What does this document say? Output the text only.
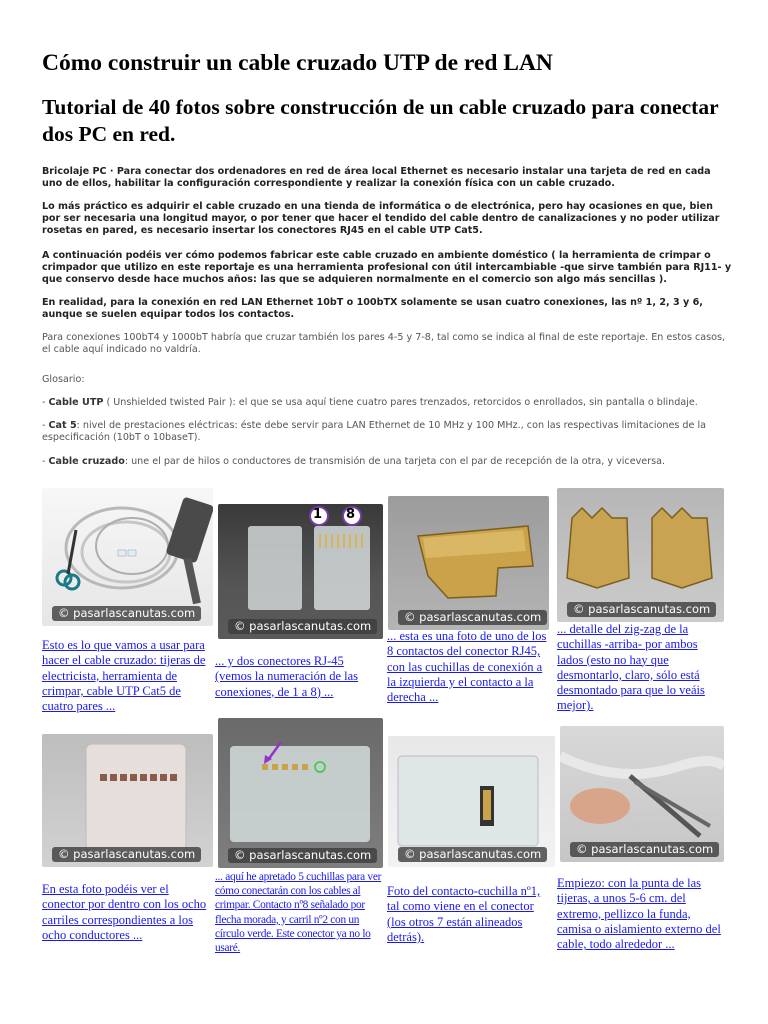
Cómo construir un cable cruzado UTP de red LAN
Tutorial de 40 fotos sobre construcción de un cable cruzado para conectar dos PC en red.

Bricolaje PC · Para conectar dos ordenadores en red de área local Ethernet es necesario instalar una tarjeta de red en cada uno de ellos, habilitar la configuración correspondiente y realizar la conexión física con un cable cruzado.

Lo más práctico es adquirir el cable cruzado en una tienda de informática o de electrónica, pero hay ocasiones en que, bien por ser necesaria una longitud mayor, o por tener que hacer el tendido del cable dentro de canalizaciones y no poder utilizar rosetas en pared, es necesario insertar los conectores RJ45 en el cable UTP Cat5.

A continuación podéis ver cómo podemos fabricar este cable cruzado en ambiente doméstico ( la herramienta de crimpar o crimpador que utilizo en este reportaje es una herramienta profesional con útil intercambiable -que sirve también para RJ11- y que conservo desde hace muchos años: las que se adquieren normalmente en el comercio son algo más sencillas ).

En realidad, para la conexión en red LAN Ethernet 10bT o 100bTX solamente se usan cuatro conexiones, las nº 1, 2, 3 y 6, aunque se suelen equipar todos los contactos.

Para conexiones 100bT4 y 1000bT habría que cruzar también los pares 4-5 y 7-8, tal como se indica al final de este reportaje. En estos casos, el cable aquí indicado no valdría.

Glosario:

- Cable UTP ( Unshielded twisted Pair ): el que se usa aquí tiene cuatro pares trenzados, retorcidos o enrollados, sin pantalla o blindaje.

- Cat 5: nivel de prestaciones eléctricas: éste debe servir para LAN Ethernet de 10 MHz y 100 MHz., con las respectivas limitaciones de la especificación (10bT o 10baseT).

- Cable cruzado: une el par de hilos o conductores de transmisión de una tarjeta con el par de recepción de la otra, y viceversa.

© pasarlascanutas.com
1 8
© pasarlascanutas.com
© pasarlascanutas.com
© pasarlascanutas.com

Esto es lo que vamos a usar para hacer el cable cruzado: tijeras de electricista, herramienta de crimpar, cable UTP Cat5 de cuatro pares ...

... y dos conectores RJ-45 (vemos la numeración de las conexiones, de 1 a 8) ...

... esta es una foto de uno de los 8 contactos del conector RJ45, con las cuchillas de conexión a la izquierda y el contacto a la derecha ...

... detalle del zig-zag de la cuchillas -arriba- por ambos lados (esto no hay que desmontarlo, claro, sólo está desmontado para que lo veáis mejor).

© pasarlascanutas.com	© pasarlascanutas.com	© pasarlascanutas.com	© pasarlascanutas.com

En esta foto podéis ver el conector por dentro con los ocho carriles correspondientes a los ocho conductores ...

... aquí he apretado 5 cuchillas para ver cómo conectarán con los cables al crimpar. Contacto nº8 señalado por flecha morada, y carril nº2 con un círculo verde. Este conector ya no lo usaré.

Foto del contacto-cuchilla nº1, tal como viene en el conector (los otros 7 están alineados detrás).

Empiezo: con la punta de las tijeras, a unos 5-6 cm. del extremo, pellizco la funda, camisa o aislamiento externo del cable, todo alrededor ...
